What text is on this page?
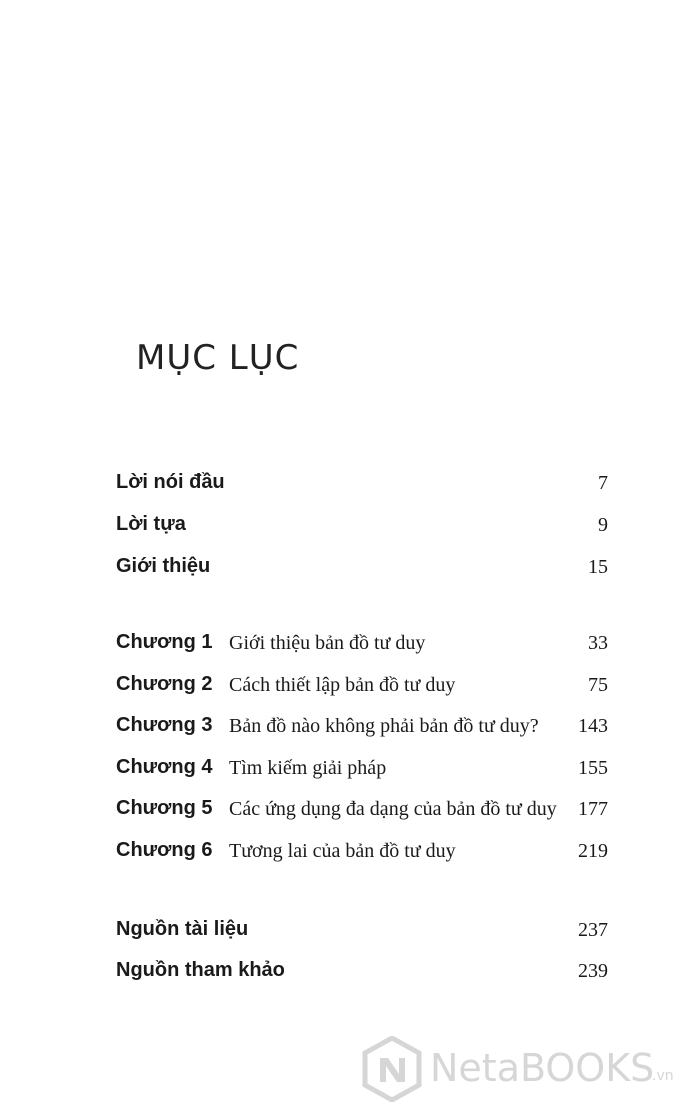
MỤC LỤC
Lời nói đầu	7
Lời tựa	9
Giới thiệu	15
Chương 1 Giới thiệu bản đồ tư duy	33
Chương 2 Cách thiết lập bản đồ tư duy	75
Chương 3 Bản đồ nào không phải bản đồ tư duy? 143
Chương 4 Tìm kiếm giải pháp	155
Chương 5 Các ứng dụng đa dạng của bản đồ tư duy 177
Chương 6 Tương lai của bản đồ tư duy	219
Nguồn tài liệu	237
Nguồn tham khảo	239
NetaBOOKS
.vn
